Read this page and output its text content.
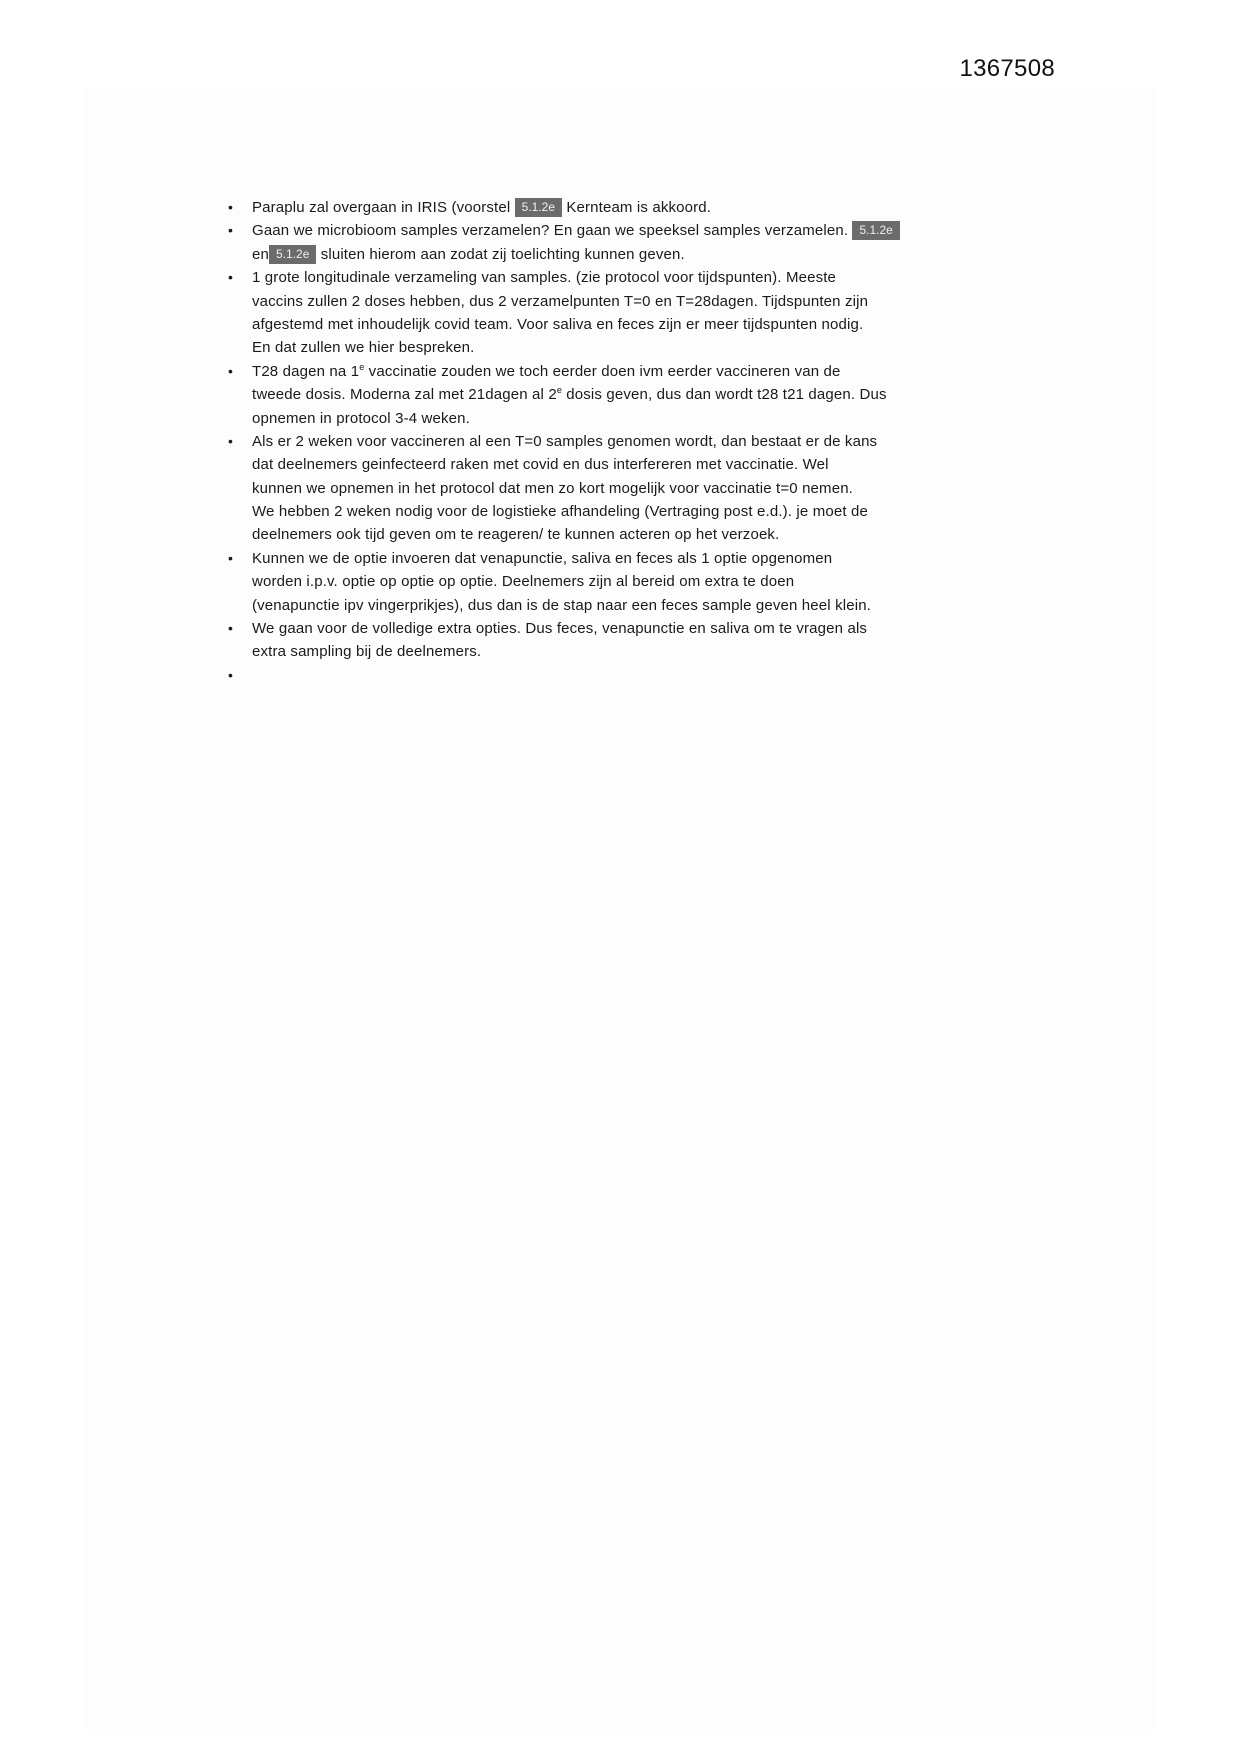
1367508
• Paraplu zal overgaan in IRIS (voorstel 5.1.2e Kernteam is akkoord.
• Gaan we microbioom samples verzamelen? En gaan we speeksel samples verzamelen. 5.1.2e
en 5.1.2e sluiten hierom aan zodat zij toelichting kunnen geven.
• 1 grote longitudinale verzameling van samples. (zie protocol voor tijdspunten). Meeste
vaccins zullen 2 doses hebben, dus 2 verzamelpunten T=0 en T=28dagen. Tijdspunten zijn
afgestemd met inhoudelijk covid team. Voor saliva en feces zijn er meer tijdspunten nodig.
En dat zullen we hier bespreken.
• T28 dagen na 1e vaccinatie zouden we toch eerder doen ivm eerder vaccineren van de
tweede dosis. Moderna zal met 21dagen al 2e dosis geven, dus dan wordt t28 t21 dagen. Dus
opnemen in protocol 3-4 weken.
• Als er 2 weken voor vaccineren al een T=0 samples genomen wordt, dan bestaat er de kans
dat deelnemers geinfecteerd raken met covid en dus interfereren met vaccinatie. Wel
kunnen we opnemen in het protocol dat men zo kort mogelijk voor vaccinatie t=0 nemen.
We hebben 2 weken nodig voor de logistieke afhandeling (Vertraging post e.d.). je moet de
deelnemers ook tijd geven om te reageren/ te kunnen acteren op het verzoek.
• Kunnen we de optie invoeren dat venapunctie, saliva en feces als 1 optie opgenomen
worden i.p.v. optie op optie op optie. Deelnemers zijn al bereid om extra te doen
(venapunctie ipv vingerprikjes), dus dan is de stap naar een feces sample geven heel klein.
• We gaan voor de volledige extra opties. Dus feces, venapunctie en saliva om te vragen als
extra sampling bij de deelnemers.
•
